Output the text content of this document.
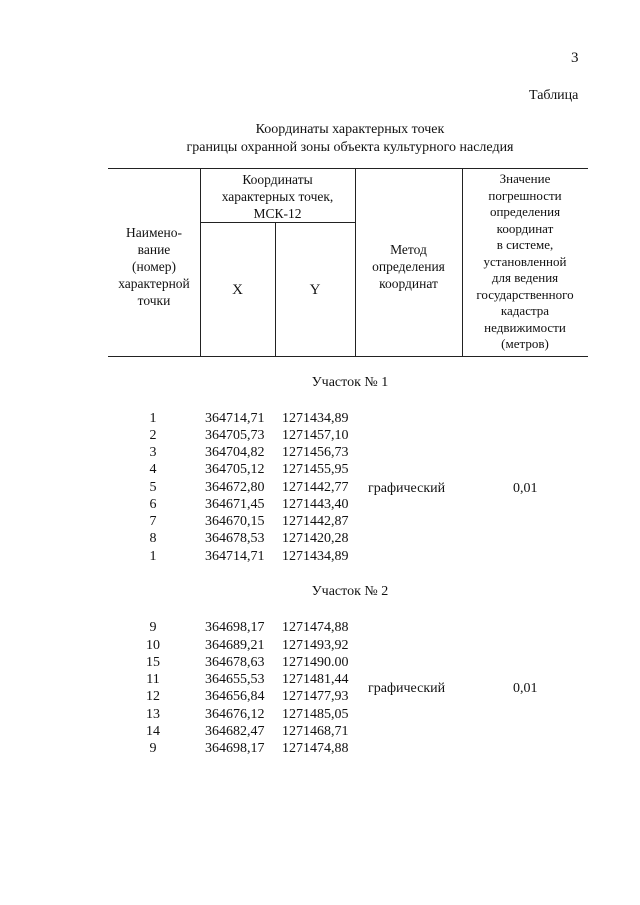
3
Таблица
Координаты характерных точек
границы охранной зоны объекта культурного наследия
Наимено-
вание
(номер)
характерной
точки
Координаты
характерных точек,
МСК-12
X	Y
Метод
определения
координат
Значение
погрешности
определения
координат
в системе,
установленной
для ведения
государственного
кадастра
недвижимости
(метров)
Участок № 1
1	364714,71	1271434,89
2	364705,73	1271457,10
3	364704,82	1271456,73
4	364705,12	1271455,95
5	364672,80	1271442,77
6	364671,45	1271443,40
7	364670,15	1271442,87
8	364678,53	1271420,28
1	364714,71	1271434,89
графический	0,01
Участок № 2
9	364698,17	1271474,88
10	364689,21	1271493,92
15	364678,63	1271490.00
11	364655,53	1271481,44
12	364656,84	1271477,93
13	364676,12	1271485,05
14	364682,47	1271468,71
9	364698,17	1271474,88
графический	0,01
